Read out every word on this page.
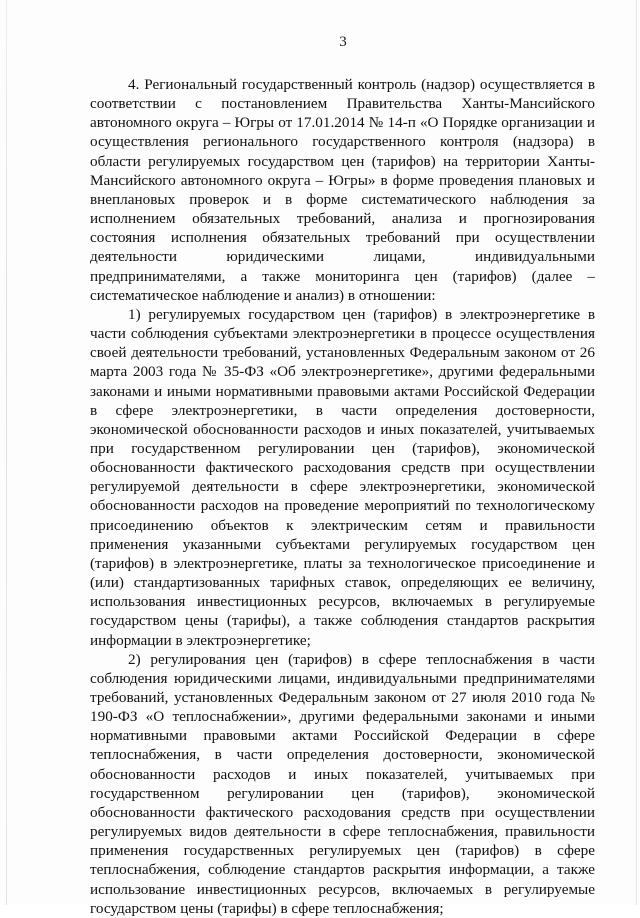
3

4. Региональный государственный контроль (надзор) осуществляется в соответствии с постановлением Правительства Ханты-Мансийского автономного округа – Югры от 17.01.2014 № 14-п «О Порядке организации и осуществления регионального государственного контроля (надзора) в области регулируемых государством цен (тарифов) на территории Ханты-Мансийского автономного округа – Югры» в форме проведения плановых и внеплановых проверок и в форме систематического наблюдения за исполнением обязательных требований, анализа и прогнозирования состояния исполнения обязательных требований при осуществлении деятельности юридическими лицами, индивидуальными предпринимателями, а также мониторинга цен (тарифов) (далее – систематическое наблюдение и анализ) в отношении:

1) регулируемых государством цен (тарифов) в электроэнергетике в части соблюдения субъектами электроэнергетики в процессе осуществления своей деятельности требований, установленных Федеральным законом от 26 марта 2003 года № 35-ФЗ «Об электроэнергетике», другими федеральными законами и иными нормативными правовыми актами Российской Федерации в сфере электроэнергетики, в части определения достоверности, экономической обоснованности расходов и иных показателей, учитываемых при государственном регулировании цен (тарифов), экономической обоснованности фактического расходования средств при осуществлении регулируемой деятельности в сфере электроэнергетики, экономической обоснованности расходов на проведение мероприятий по технологическому присоединению объектов к электрическим сетям и правильности применения указанными субъектами регулируемых государством цен (тарифов) в электроэнергетике, платы за технологическое присоединение и (или) стандартизованных тарифных ставок, определяющих ее величину, использования инвестиционных ресурсов, включаемых в регулируемые государством цены (тарифы), а также соблюдения стандартов раскрытия информации в электроэнергетике;

2) регулирования цен (тарифов) в сфере теплоснабжения в части соблюдения юридическими лицами, индивидуальными предпринимателями требований, установленных Федеральным законом от 27 июля 2010 года № 190-ФЗ «О теплоснабжении», другими федеральными законами и иными нормативными правовыми актами Российской Федерации в сфере теплоснабжения, в части определения достоверности, экономической обоснованности расходов и иных показателей, учитываемых при государственном регулировании цен (тарифов), экономической обоснованности фактического расходования средств при осуществлении регулируемых видов деятельности в сфере теплоснабжения, правильности применения государственных регулируемых цен (тарифов) в сфере теплоснабжения, соблюдение стандартов раскрытия информации, а также использование инвестиционных ресурсов, включаемых в регулируемые государством цены (тарифы) в сфере теплоснабжения;
